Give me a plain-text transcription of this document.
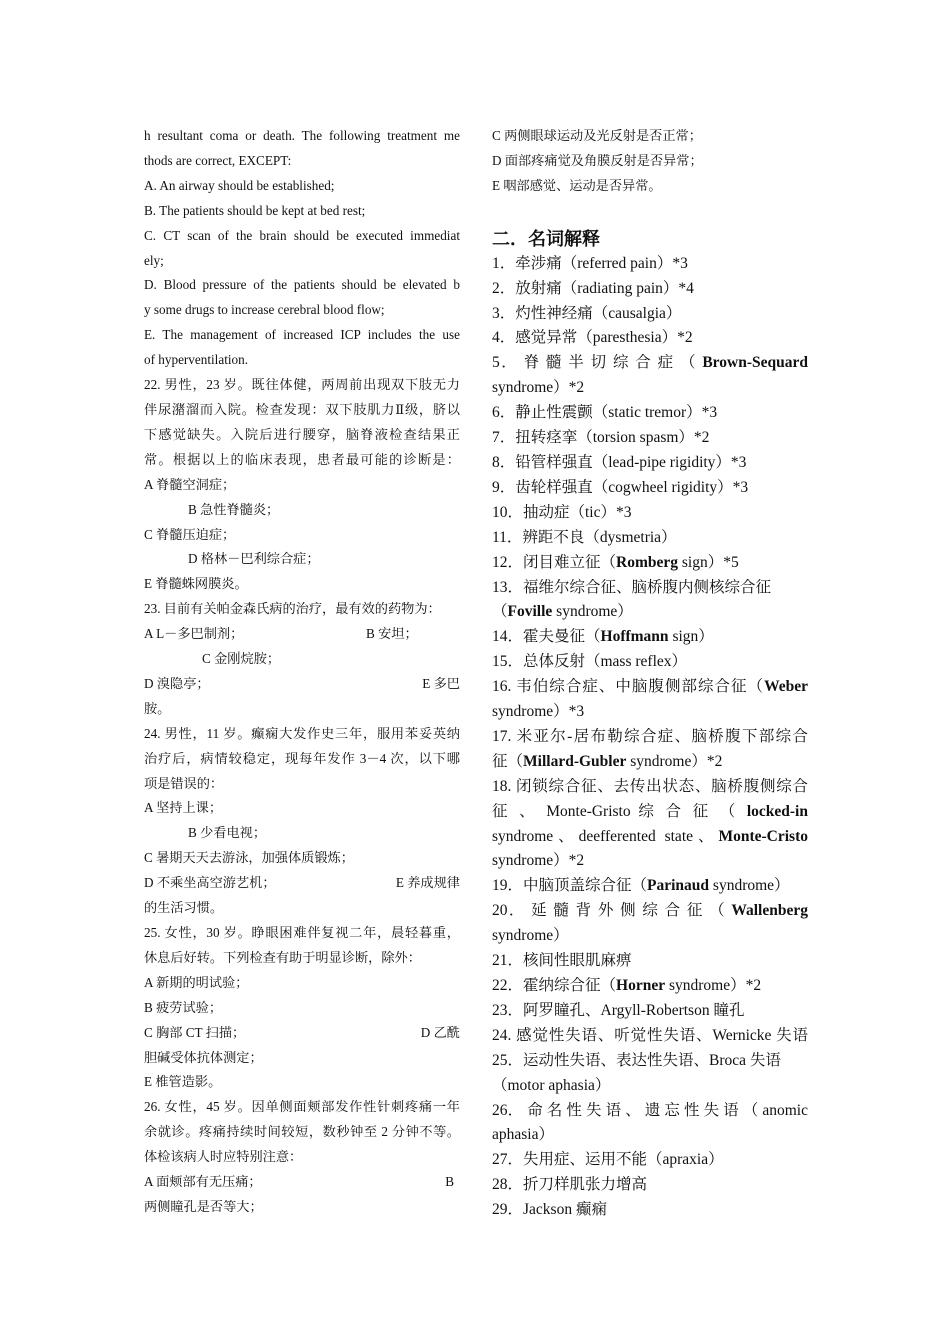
h resultant coma or death. The following treatment me
thods are correct, EXCEPT:
A. An airway should be established;
B. The patients should be kept at bed rest;
C. CT scan of the brain should be executed immediat
ely;
D. Blood pressure of the patients should be elevated b
y some drugs to increase cerebral blood flow;
E. The management of increased ICP includes the use
of hyperventilation.
22. 男性，23 岁。既往体健，两周前出现双下肢无力
伴尿潴溜而入院。检查发现：双下肢肌力Ⅱ级，脐以
下感觉缺失。入院后进行腰穿，脑脊液检查结果正
常。根据以上的临床表现，患者最可能的诊断是：
A 脊髓空洞症；
B 急性脊髓炎；
C 脊髓压迫症；
D 格林－巴利综合症；
E 脊髓蛛网膜炎。
23. 目前有关帕金森氏病的治疗，最有效的药物为：
A L－多巴制剂；	B 安坦；
C 金刚烷胺；
D 溴隐亭；	E 多巴
胺。
24. 男性，11 岁。癫痫大发作史三年，服用苯妥英纳
治疗后，病情较稳定，现每年发作 3－4 次，以下哪
项是错误的：
A 坚持上课；
B 少看电视；
C 暑期天天去游泳，加强体质锻炼；
D 不乘坐高空游艺机；	E 养成规律
的生活习惯。
25. 女性，30 岁。睁眼困难伴复视二年，晨轻暮重，
休息后好转。下列检查有助于明显诊断，除外：
A 新期的明试验；
B 疲劳试验；
C 胸部 CT 扫描；	D 乙酰
胆碱受体抗体测定；
E 椎管造影。
26. 女性，45 岁。因单侧面颊部发作性针刺疼痛一年
余就诊。疼痛持续时间较短，数秒钟至 2 分钟不等。
体检该病人时应特别注意：
A 面颊部有无压痛；	B
两侧瞳孔是否等大；
C 两侧眼球运动及光反射是否正常；
D 面部疼痛觉及角膜反射是否异常；
E 咽部感觉、运动是否异常。
二．名词解释
1．牵涉痛（referred pain）*3
2．放射痛（radiating pain）*4
3．灼性神经痛（causalgia）
4．感觉异常（paresthesia）*2
5． 脊 髓 半 切 综 合 症 （ Brown-Sequard
syndrome）*2
6．静止性震颤（static tremor）*3
7．扭转痉挛（torsion spasm）*2
8．铅管样强直（lead-pipe rigidity）*3
9．齿轮样强直（cogwheel rigidity）*3
10．抽动症（tic）*3
11．辨距不良（dysmetria）
12．闭目难立征（Romberg sign）*5
13．福维尔综合征、脑桥腹内侧核综合征
（Foville syndrome）
14．霍夫曼征（Hoffmann sign）
15．总体反射（mass reflex）
16. 韦伯综合症、中脑腹侧部综合征（Weber
syndrome）*3
17. 米亚尔-居布勒综合症、脑桥腹下部综合
征（Millard-Gubler syndrome）*2
18. 闭锁综合征、去传出状态、脑桥腹侧综合
征 、 Monte-Gristo 综 合 征 （ locked-in
syndrome、deefferented state、Monte-Cristo
syndrome）*2
19．中脑顶盖综合征（Parinaud syndrome）
20． 延 髓 背 外 侧 综 合 征 （ Wallenberg
syndrome）
21．核间性眼肌麻痹
22．霍纳综合征（Horner syndrome）*2
23．阿罗瞳孔、Argyll-Robertson 瞳孔
24. 感觉性失语、听觉性失语、Wernicke 失语
25．运动性失语、表达性失语、Broca 失语
（motor aphasia）
26． 命 名 性 失 语 、 遗 忘 性 失 语 （ anomic
aphasia）
27．失用症、运用不能（apraxia）
28．折刀样肌张力增高
29．Jackson 癫痫
